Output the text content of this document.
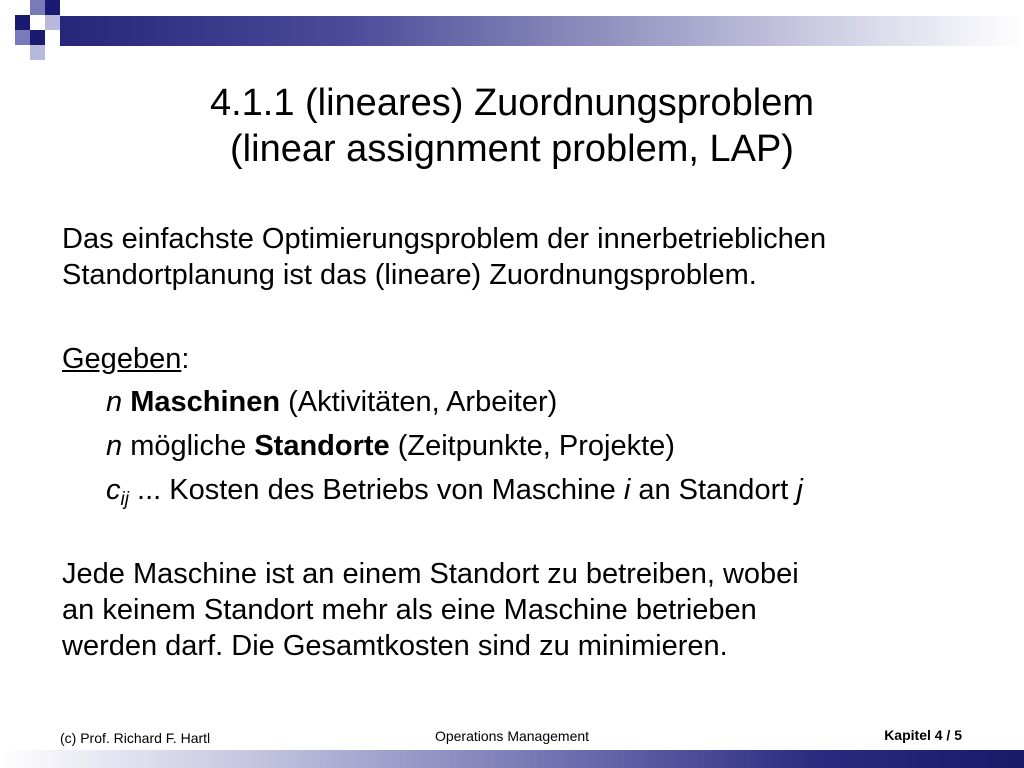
4.1.1 (lineares) Zuordnungsproblem
(linear assignment problem, LAP)
Das einfachste Optimierungsproblem der innerbetrieblichen
Standortplanung ist das (lineare) Zuordnungsproblem.
Gegeben:
n Maschinen (Aktivitäten, Arbeiter)
n mögliche Standorte (Zeitpunkte, Projekte)
$c_{ij}$ ... Kosten des Betriebs von Maschine i an Standort j
Jede Maschine ist an einem Standort zu betreiben, wobei
an keinem Standort mehr als eine Maschine betrieben
werden darf. Die Gesamtkosten sind zu minimieren.
(c) Prof. Richard F. Hartl	Operations Management	Kapitel 4 / 5
